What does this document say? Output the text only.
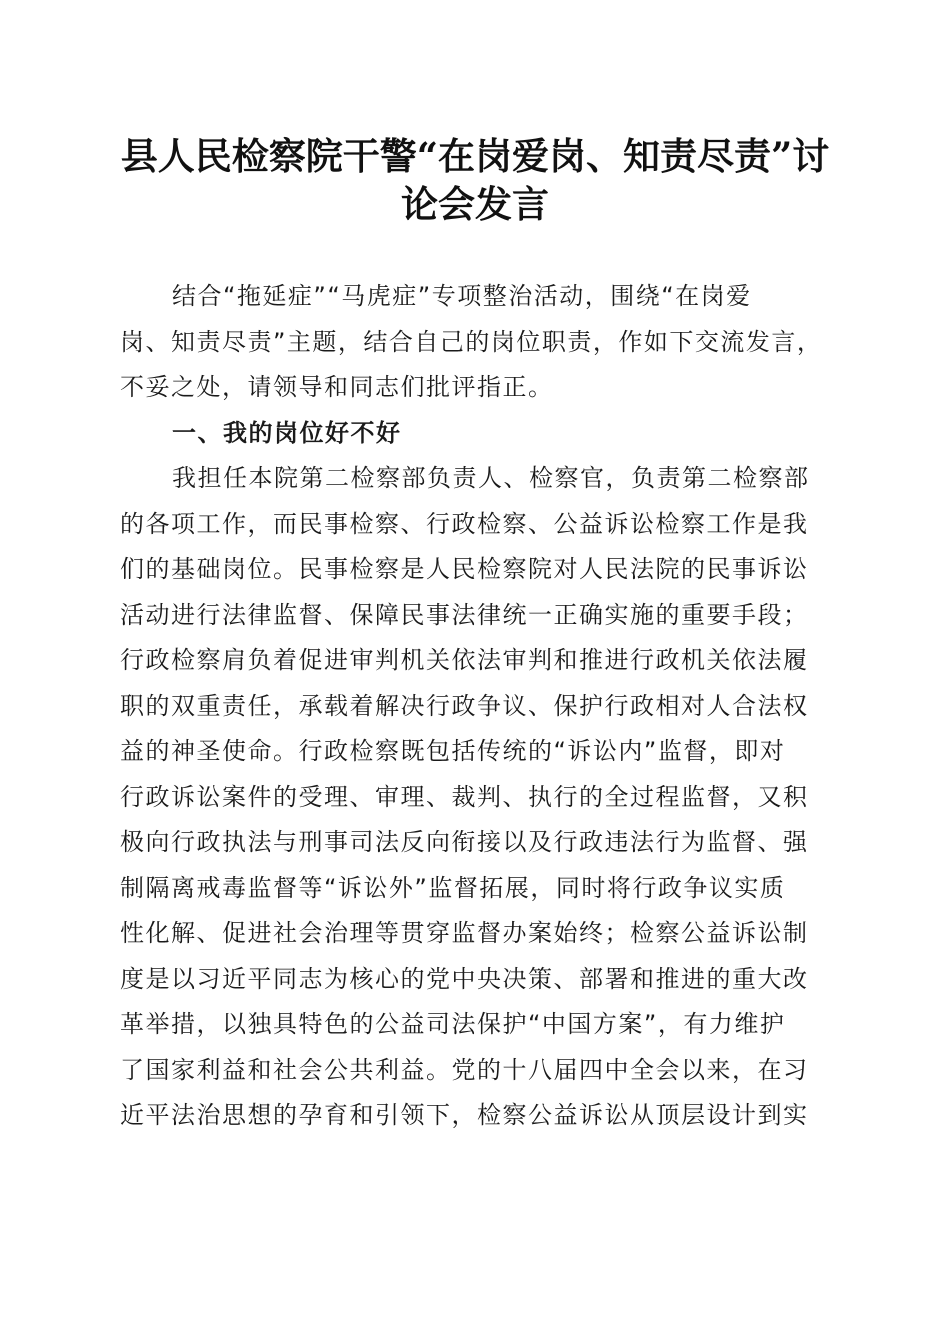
县人民检察院干警“在岗爱岗、知责尽责”讨
论会发言
结合“拖延症”“马虎症”专项整治活动，围绕“在岗爱
岗、知责尽责”主题，结合自己的岗位职责，作如下交流发言，
不妥之处，请领导和同志们批评指正。
一、我的岗位好不好
我担任本院第二检察部负责人、检察官，负责第二检察部
的各项工作，而民事检察、行政检察、公益诉讼检察工作是我
们的基础岗位。民事检察是人民检察院对人民法院的民事诉讼
活动进行法律监督、保障民事法律统一正确实施的重要手段；
行政检察肩负着促进审判机关依法审判和推进行政机关依法履
职的双重责任，承载着解决行政争议、保护行政相对人合法权
益的神圣使命。行政检察既包括传统的“诉讼内”监督，即对
行政诉讼案件的受理、审理、裁判、执行的全过程监督，又积
极向行政执法与刑事司法反向衔接以及行政违法行为监督、强
制隔离戒毒监督等“诉讼外”监督拓展，同时将行政争议实质
性化解、促进社会治理等贯穿监督办案始终；检察公益诉讼制
度是以习近平同志为核心的党中央决策、部署和推进的重大改
革举措，以独具特色的公益司法保护“中国方案”，有力维护
了国家利益和社会公共利益。党的十八届四中全会以来，在习
近平法治思想的孕育和引领下，检察公益诉讼从顶层设计到实
